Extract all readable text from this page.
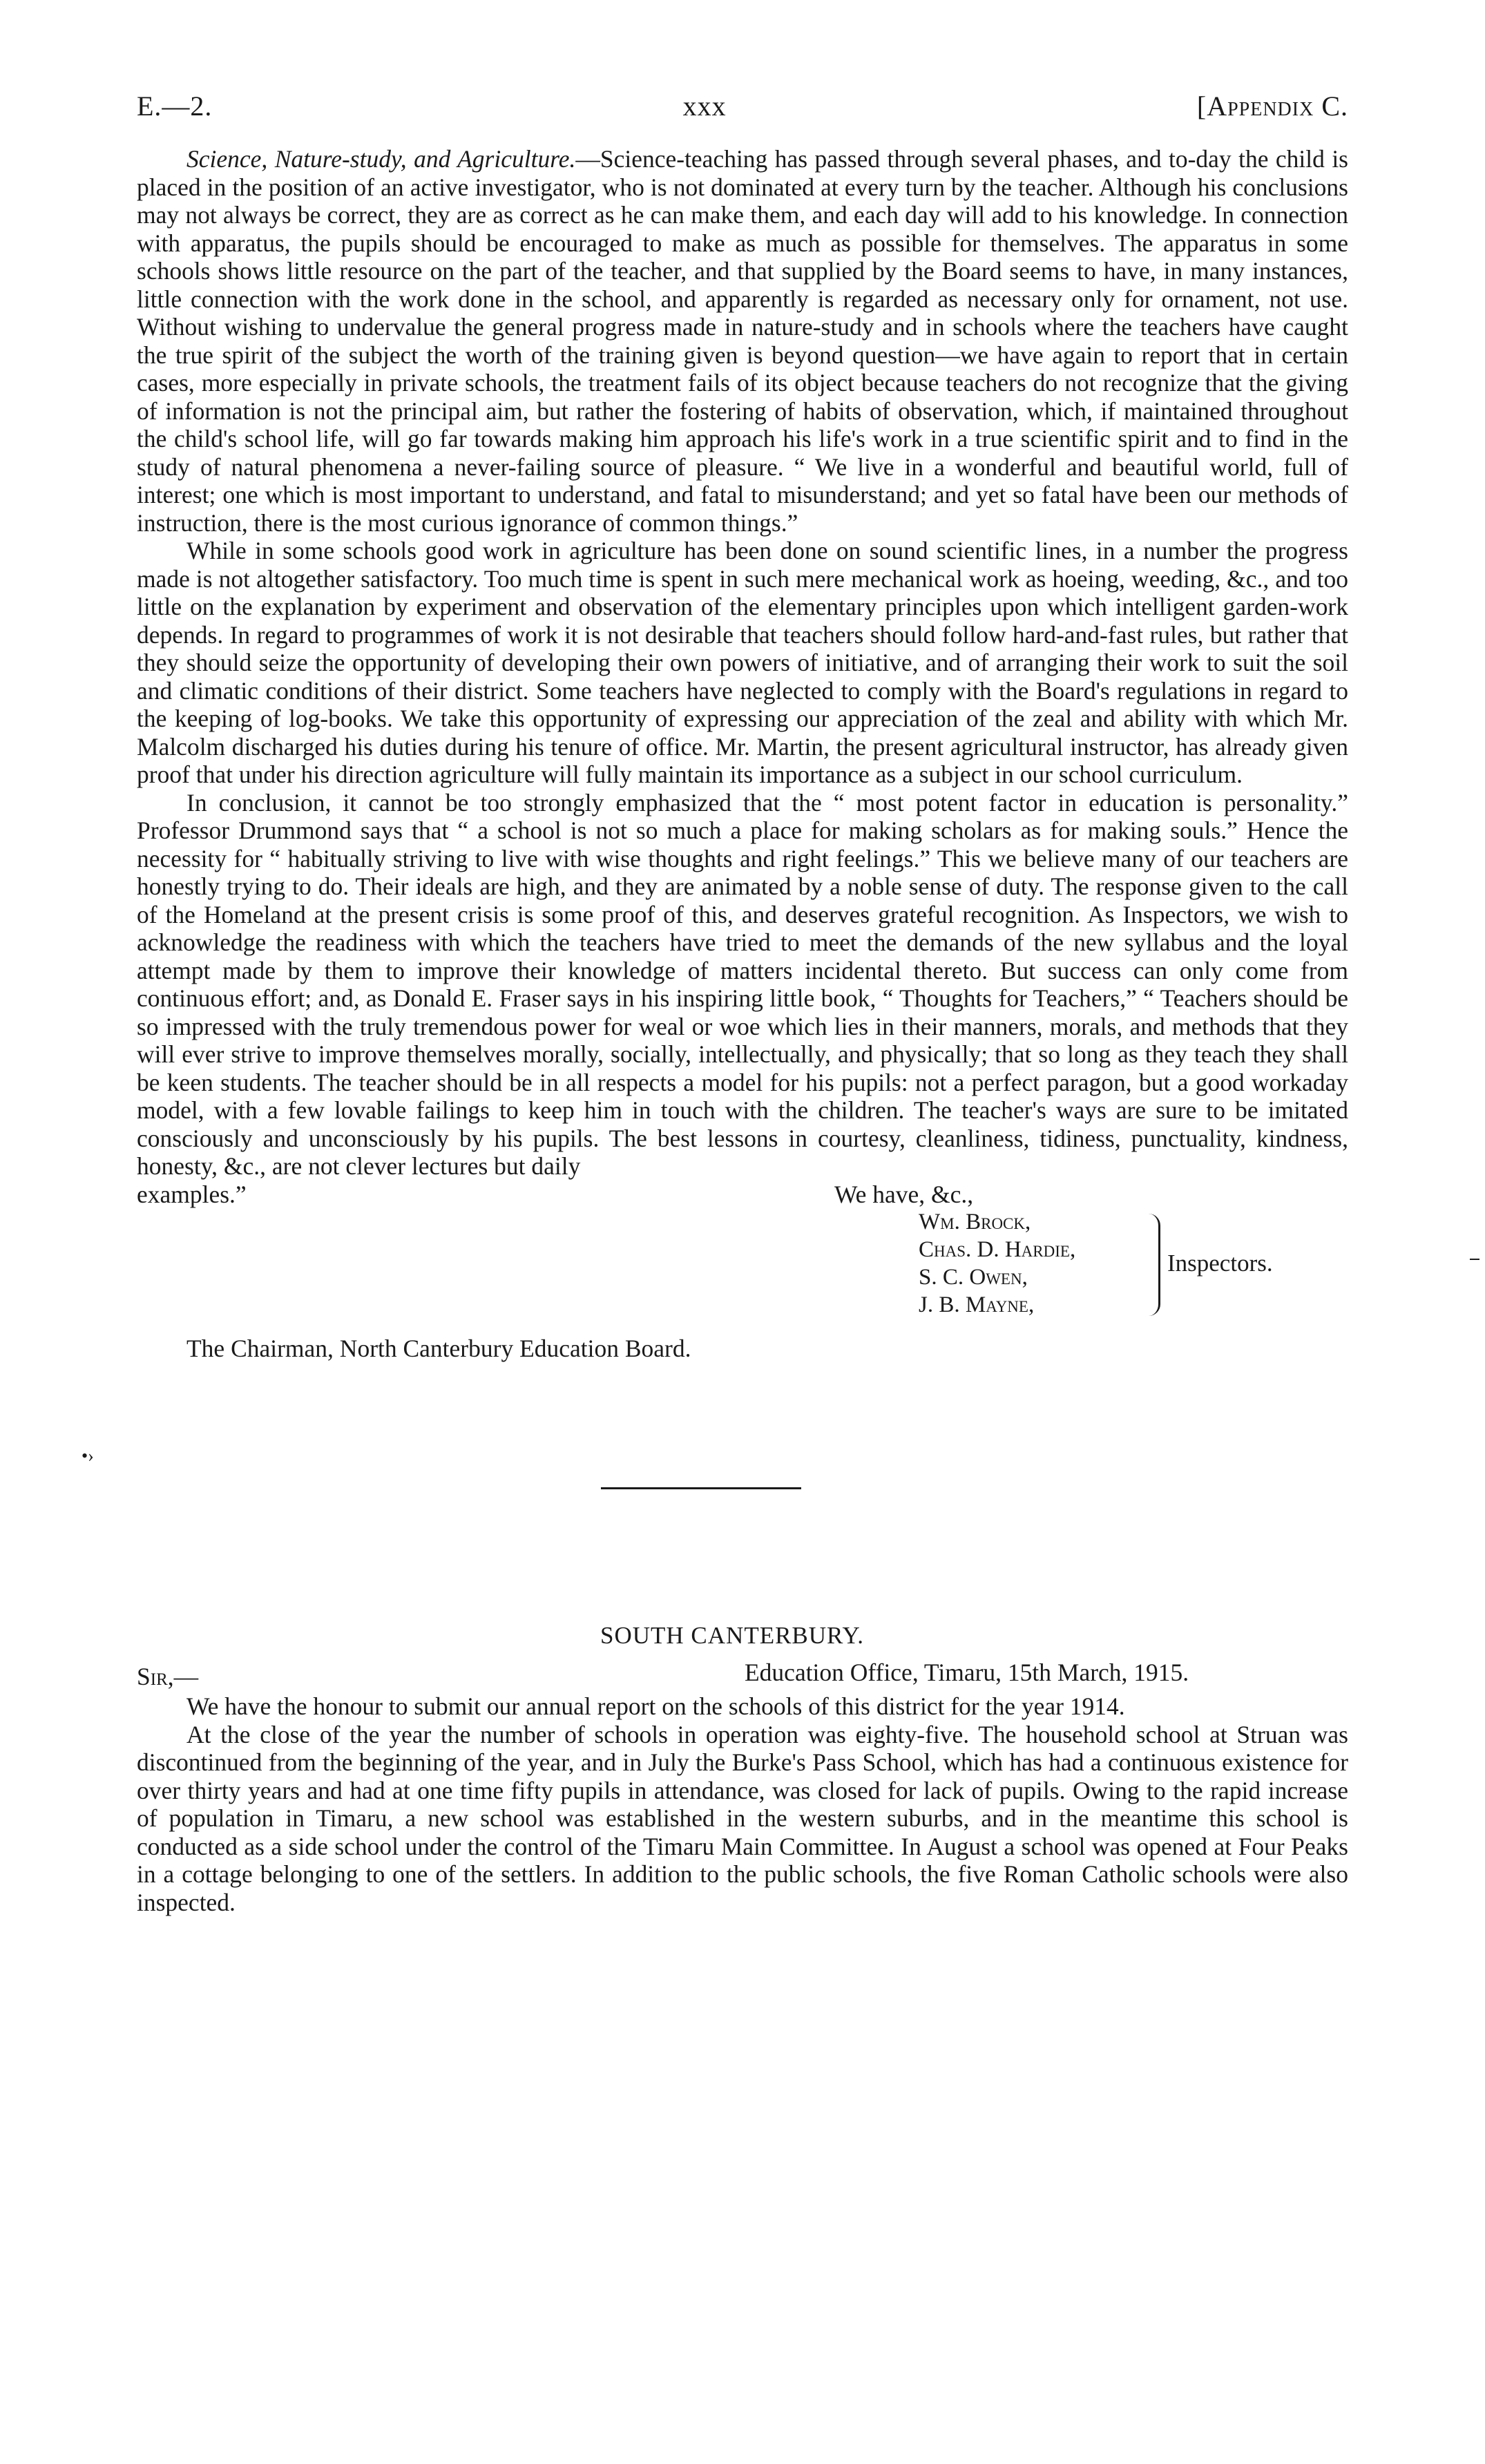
E.—2.	xxx	[Appendix C.

Science, Nature-study, and Agriculture.—Science-teaching has passed through several phases, and to-day the child is placed in the position of an active investigator, who is not dominated at every turn by the teacher. Although his conclusions may not always be correct, they are as correct as he can make them, and each day will add to his knowledge. In connection with apparatus, the pupils should be encouraged to make as much as possible for themselves. The apparatus in some schools shows little resource on the part of the teacher, and that supplied by the Board seems to have, in many instances, little connection with the work done in the school, and apparently is regarded as necessary only for ornament, not use. Without wishing to undervalue the general progress made in nature-study and in schools where the teachers have caught the true spirit of the subject the worth of the training given is beyond question—we have again to report that in certain cases, more especially in private schools, the treatment fails of its object because teachers do not recognize that the giving of information is not the principal aim, but rather the fostering of habits of observation, which, if maintained throughout the child's school life, will go far towards making him approach his life's work in a true scientific spirit and to find in the study of natural phenomena a never-failing source of pleasure. “ We live in a wonderful and beautiful world, full of interest; one which is most important to understand, and fatal to misunderstand; and yet so fatal have been our methods of instruction, there is the most curious ignorance of common things.”

While in some schools good work in agriculture has been done on sound scientific lines, in a number the progress made is not altogether satisfactory. Too much time is spent in such mere mechanical work as hoeing, weeding, &c., and too little on the explanation by experiment and observation of the elementary principles upon which intelligent garden-work depends. In regard to programmes of work it is not desirable that teachers should follow hard-and-fast rules, but rather that they should seize the opportunity of developing their own powers of initiative, and of arranging their work to suit the soil and climatic conditions of their district. Some teachers have neglected to comply with the Board's regulations in regard to the keeping of log-books. We take this opportunity of expressing our appreciation of the zeal and ability with which Mr. Malcolm discharged his duties during his tenure of office. Mr. Martin, the present agricultural instructor, has already given proof that under his direction agriculture will fully maintain its importance as a subject in our school curriculum.

In conclusion, it cannot be too strongly emphasized that the “ most potent factor in education is personality.” Professor Drummond says that “ a school is not so much a place for making scholars as for making souls.” Hence the necessity for “ habitually striving to live with wise thoughts and right feelings.” This we believe many of our teachers are honestly trying to do. Their ideals are high, and they are animated by a noble sense of duty. The response given to the call of the Homeland at the present crisis is some proof of this, and deserves grateful recognition. As Inspectors, we wish to acknowledge the readiness with which the teachers have tried to meet the demands of the new syllabus and the loyal attempt made by them to improve their knowledge of matters incidental thereto. But success can only come from continuous effort; and, as Donald E. Fraser says in his inspiring little book, “ Thoughts for Teachers,” “ Teachers should be so impressed with the truly tremendous power for weal or woe which lies in their manners, morals, and methods that they will ever strive to improve themselves morally, socially, intellectually, and physically; that so long as they teach they shall be keen students. The teacher should be in all respects a model for his pupils: not a perfect paragon, but a good workaday model, with a few lovable failings to keep him in touch with the children. The teacher's ways are sure to be imitated consciously and unconsciously by his pupils. The best lessons in courtesy, cleanliness, tidiness, punctuality, kindness, honesty, &c., are not clever lectures but daily

examples.”	We have, &c.,
Wm. Brock,
Chas. D. Hardie,
S. C. Owen,
J. B. Mayne,
Inspectors.
The Chairman, North Canterbury Education Board.
SOUTH CANTERBURY.
Sir,—	Education Office, Timaru, 15th March, 1915.

We have the honour to submit our annual report on the schools of this district for the year 1914.

At the close of the year the number of schools in operation was eighty-five. The household school at Struan was discontinued from the beginning of the year, and in July the Burke's Pass School, which has had a continuous existence for over thirty years and had at one time fifty pupils in attendance, was closed for lack of pupils. Owing to the rapid increase of population in Timaru, a new school was established in the western suburbs, and in the meantime this school is conducted as a side school under the control of the Timaru Main Committee. In August a school was opened at Four Peaks in a cottage belonging to one of the settlers. In addition to the public schools, the five Roman Catholic schools were also inspected.

•›
